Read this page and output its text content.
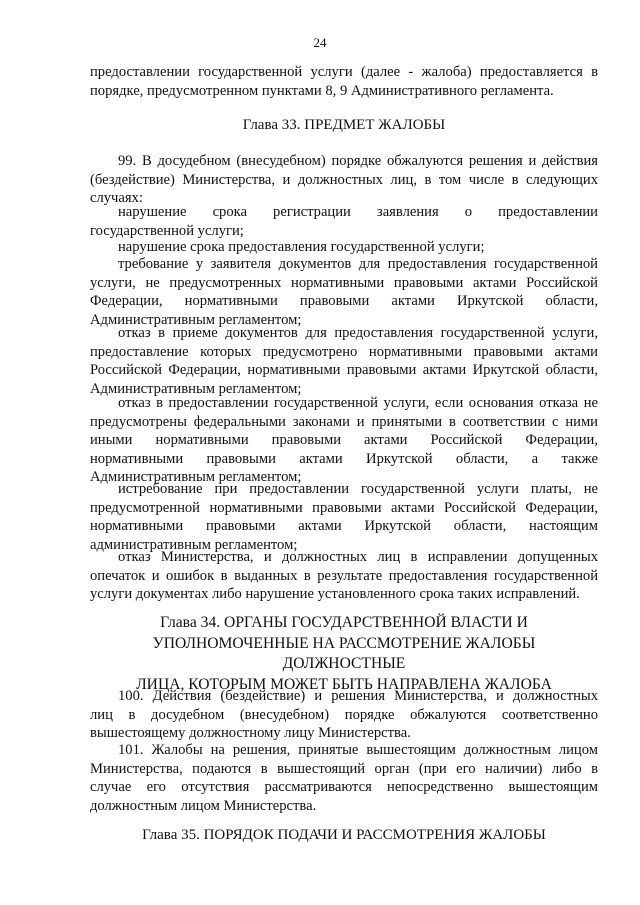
24
предоставлении государственной услуги (далее - жалоба) предоставляется в
порядке, предусмотренном пунктами 8, 9 Административного регламента.
Глава 33. ПРЕДМЕТ ЖАЛОБЫ
99. В досудебном (внесудебном) порядке обжалуются решения и действия
(бездействие) Министерства, и должностных лиц, в том числе в следующих
случаях:
нарушение срока регистрации заявления о предоставлении
государственной услуги;
нарушение срока предоставления государственной услуги;
требование у заявителя документов для предоставления государственной
услуги, не предусмотренных нормативными правовыми актами Российской
Федерации, нормативными правовыми актами Иркутской области,
Административным регламентом;
отказ в приеме документов для предоставления государственной услуги,
предоставление которых предусмотрено нормативными правовыми актами
Российской Федерации, нормативными правовыми актами Иркутской области,
Административным регламентом;
отказ в предоставлении государственной услуги, если основания отказа не
предусмотрены федеральными законами и принятыми в соответствии с ними
иными нормативными правовыми актами Российской Федерации,
нормативными правовыми актами Иркутской области, а также
Административным регламентом;
истребование при предоставлении государственной услуги платы, не
предусмотренной нормативными правовыми актами Российской Федерации,
нормативными правовыми актами Иркутской области, настоящим
административным регламентом;
отказ Министерства, и должностных лиц в исправлении допущенных
опечаток и ошибок в выданных в результате предоставления государственной
услуги документах либо нарушение установленного срока таких исправлений.
Глава 34. ОРГАНЫ ГОСУДАРСТВЕННОЙ ВЛАСТИ И
УПОЛНОМОЧЕННЫЕ НА РАССМОТРЕНИЕ ЖАЛОБЫ ДОЛЖНОСТНЫЕ
ЛИЦА, КОТОРЫМ МОЖЕТ БЫТЬ НАПРАВЛЕНА ЖАЛОБА
100. Действия (бездействие) и решения Министерства, и должностных
лиц в досудебном (внесудебном) порядке обжалуются соответственно
вышестоящему должностному лицу Министерства.
101. Жалобы на решения, принятые вышестоящим должностным лицом
Министерства, подаются в вышестоящий орган (при его наличии) либо в
случае его отсутствия рассматриваются непосредственно вышестоящим
должностным лицом Министерства.
Глава 35. ПОРЯДОК ПОДАЧИ И РАССМОТРЕНИЯ ЖАЛОБЫ
